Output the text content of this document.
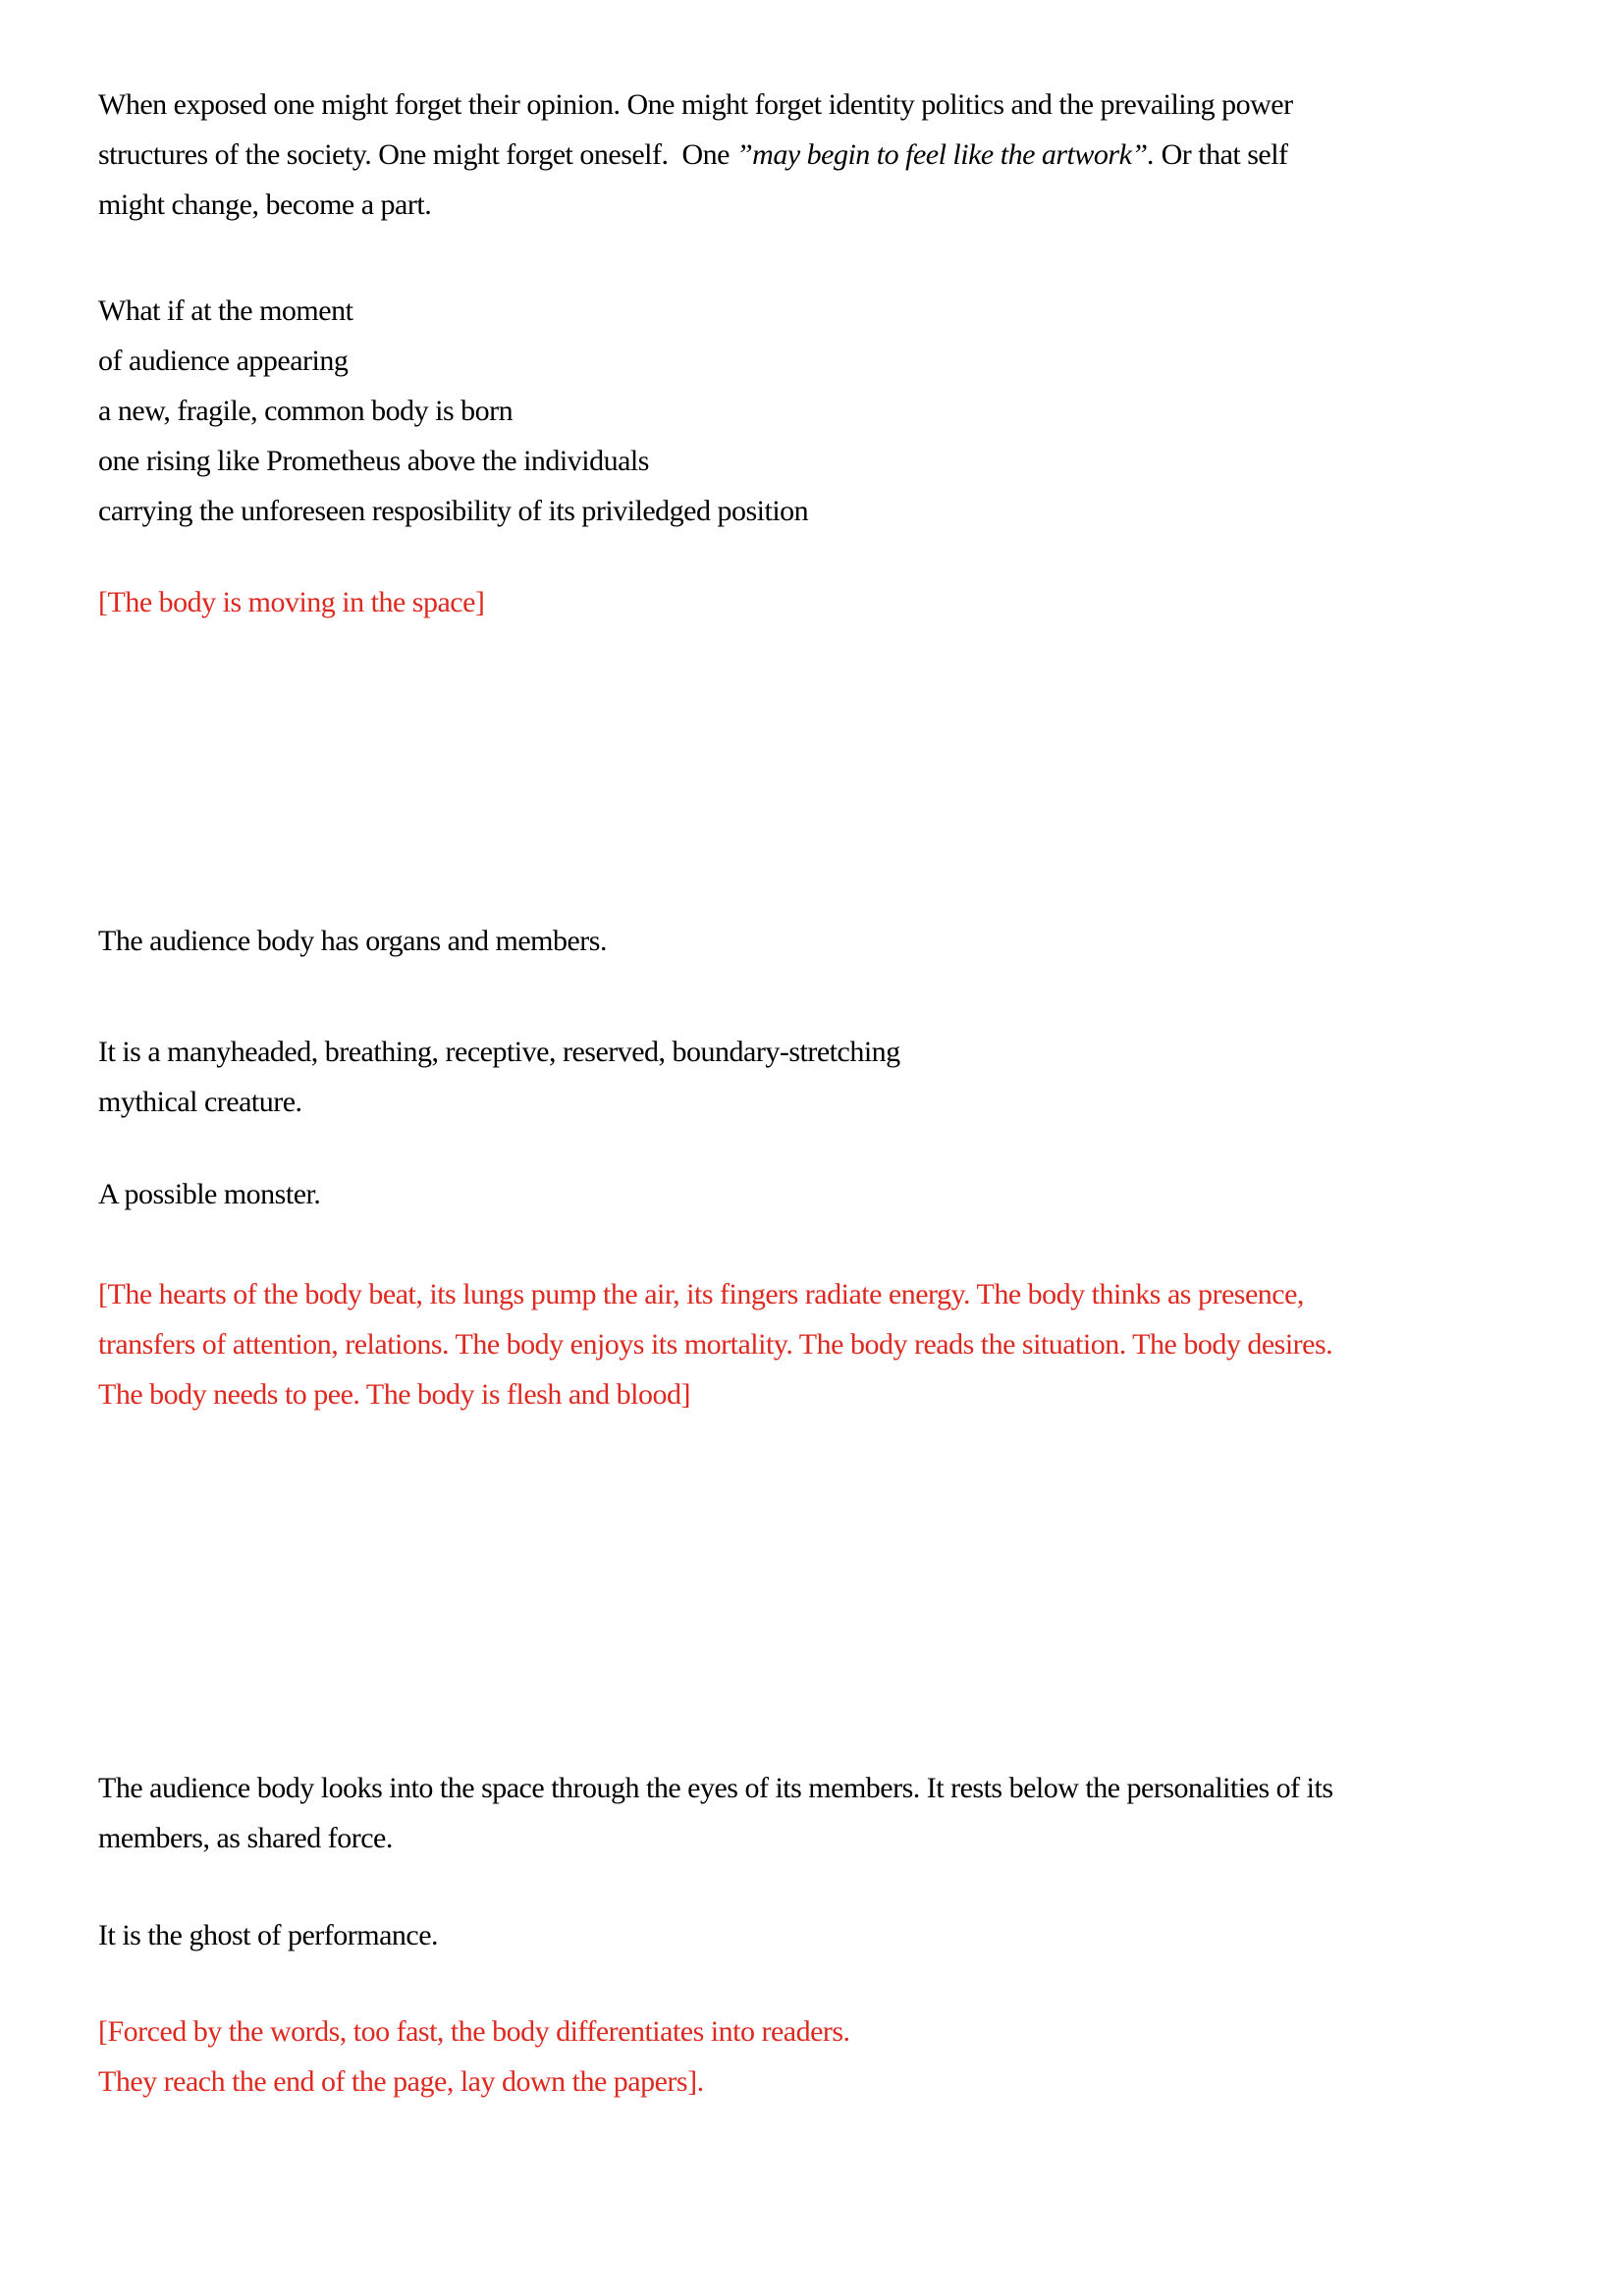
When exposed one might forget their opinion. One might forget identity politics and the prevailing power
structures of the society. One might forget oneself.  One ”may begin to feel like the artwork”. Or that self
might change, become a part.
What if at the moment
of audience appearing
a new, fragile, common body is born
one rising like Prometheus above the individuals
carrying the unforeseen resposibility of its priviledged position
[The body is moving in the space]
The audience body has organs and members.
It is a manyheaded, breathing, receptive, reserved, boundary-stretching
mythical creature.
A possible monster.
[The hearts of the body beat, its lungs pump the air, its fingers radiate energy. The body thinks as presence,
transfers of attention, relations. The body enjoys its mortality. The body reads the situation. The body desires.
The body needs to pee. The body is flesh and blood]
The audience body looks into the space through the eyes of its members. It rests below the personalities of its
members, as shared force.
It is the ghost of performance.
[Forced by the words, too fast, the body differentiates into readers.
They reach the end of the page, lay down the papers].
